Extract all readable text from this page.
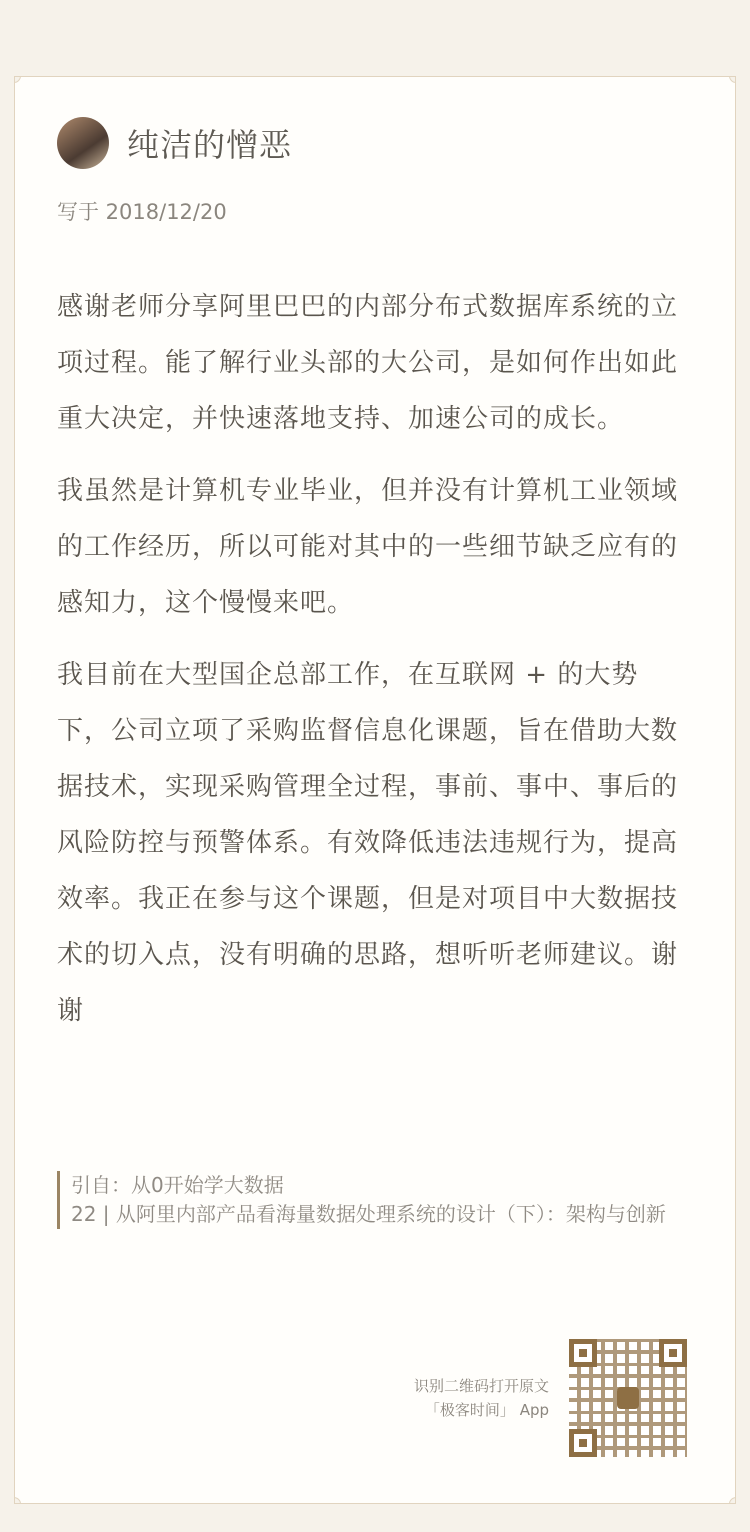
纯洁的憎恶
写于 2018/12/20

感谢老师分享阿里巴巴的内部分布式数据库系统的立项过程。能了解行业头部的大公司，是如何作出如此重大决定，并快速落地支持、加速公司的成长。

我虽然是计算机专业毕业，但并没有计算机工业领域的工作经历，所以可能对其中的一些细节缺乏应有的感知力，这个慢慢来吧。

我目前在大型国企总部工作，在互联网 + 的大势下，公司立项了采购监督信息化课题，旨在借助大数据技术，实现采购管理全过程，事前、事中、事后的风险防控与预警体系。有效降低违法违规行为，提高效率。我正在参与这个课题，但是对项目中大数据技术的切入点，没有明确的思路，想听听老师建议。谢谢

引自：从0开始学大数据
22 | 从阿里内部产品看海量数据处理系统的设计（下）：架构与创新
识别二维码打开原文
「极客时间」 App
